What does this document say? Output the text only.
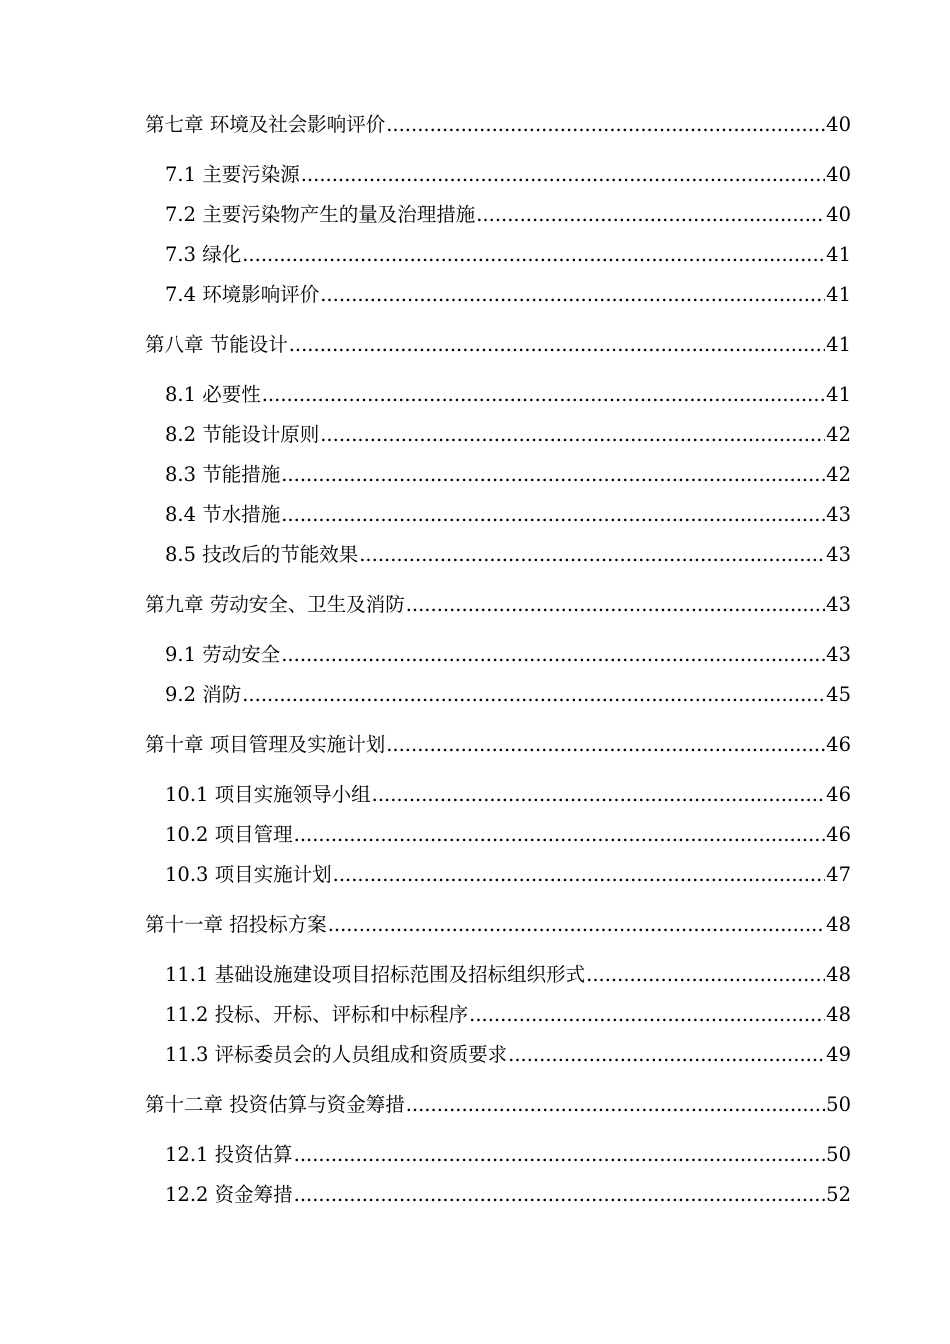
第七章 环境及社会影响评价 .....	40
7.1 主要污染源 .....	40
7.2 主要污染物产生的量及治理措施 .....	40
7.3 绿化 .....	41
7.4 环境影响评价 .....	41
第八章 节能设计 .....	41
8.1 必要性 .....	41
8.2 节能设计原则 .....	42
8.3 节能措施 .....	42
8.4 节水措施 .....	43
8.5 技改后的节能效果 .....	43
第九章 劳动安全、卫生及消防 .....	43
9.1 劳动安全 .....	43
9.2 消防 .....	45
第十章 项目管理及实施计划 .....	46
10.1 项目实施领导小组 .....	46
10.2 项目管理 .....	46
10.3 项目实施计划 .....	47
第十一章 招投标方案 .....	48
11.1 基础设施建设项目招标范围及招标组织形式 .....	48
11.2 投标、开标、评标和中标程序 .....	48
11.3 评标委员会的人员组成和资质要求 .....	49
第十二章 投资估算与资金筹措 .....	50
12.1 投资估算 .....	50
12.2 资金筹措 .....	52
